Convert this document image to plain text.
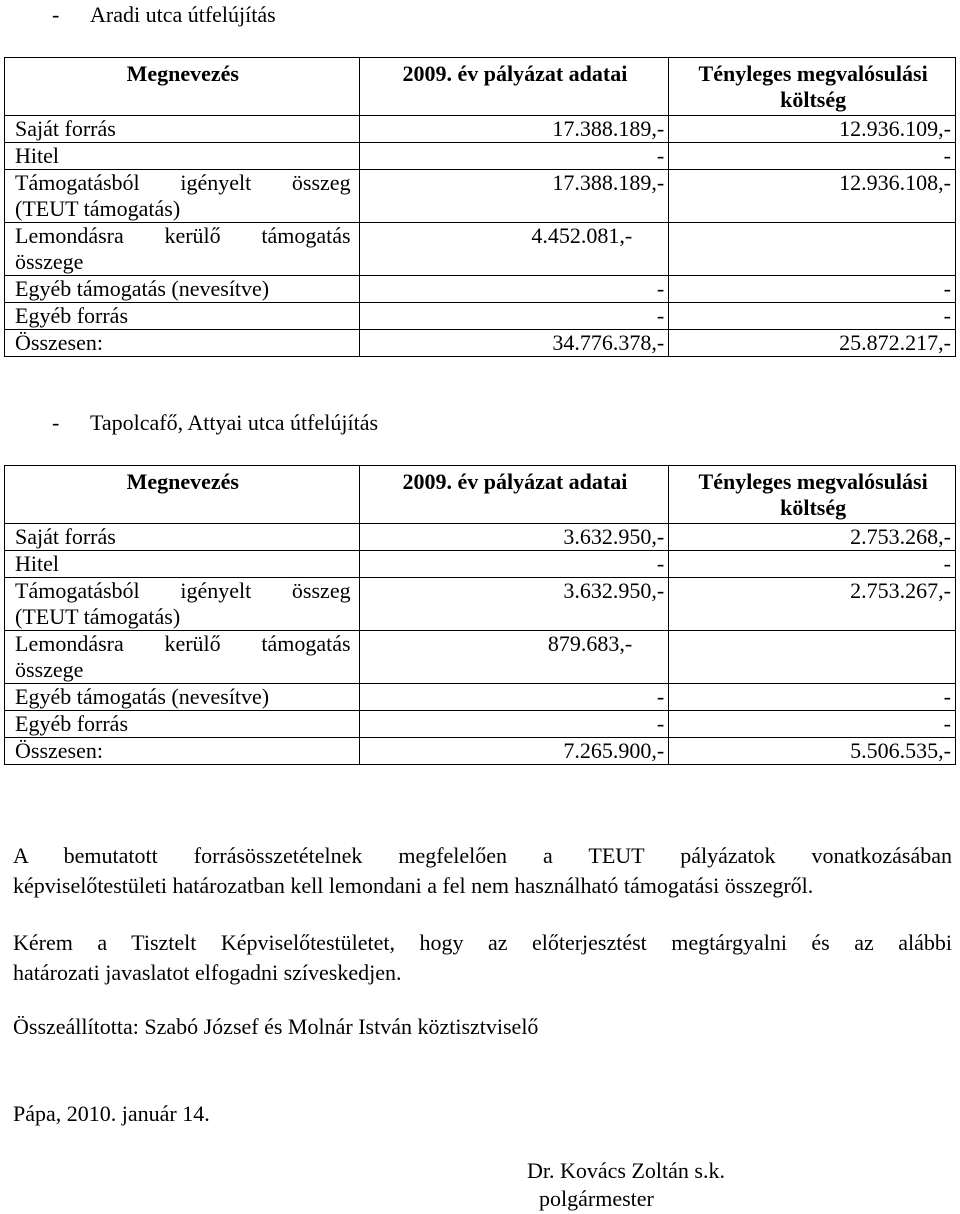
- Aradi utca útfelújítás
Megnevezés	2009. év pályázat adatai	Tényleges megvalósulási költség
Saját forrás	17.388.189,-	12.936.109,-
Hitel	-	-

Támogatásból igényelt összeg
(TEUT támogatás)	17.388.189,-	12.936.108,-

Lemondásra kerülő támogatás
összege	4.452.081,-	
Egyéb támogatás (nevesítve)	-	-
Egyéb forrás	-	-
Összesen:	34.776.378,-	25.872.217,-
- Tapolcafő, Attyai utca útfelújítás
Megnevezés	2009. év pályázat adatai	Tényleges megvalósulási költség
Saját forrás	3.632.950,-	2.753.268,-
Hitel	-	-

Támogatásból igényelt összeg
(TEUT támogatás)	3.632.950,-	2.753.267,-

Lemondásra kerülő támogatás
összege	879.683,-	
Egyéb támogatás (nevesítve)	-	-
Egyéb forrás	-	-
Összesen:	7.265.900,-	5.506.535,-
A bemutatott forrásösszetételnek megfelelően a TEUT pályázatok vonatkozásában
képviselőtestületi határozatban kell lemondani a fel nem használható támogatási összegről.
Kérem a Tisztelt Képviselőtestületet, hogy az előterjesztést megtárgyalni és az alábbi
határozati javaslatot elfogadni szíveskedjen.
Összeállította: Szabó József és Molnár István köztisztviselő
Pápa, 2010. január 14.
Dr. Kovács Zoltán s.k.
polgármester
